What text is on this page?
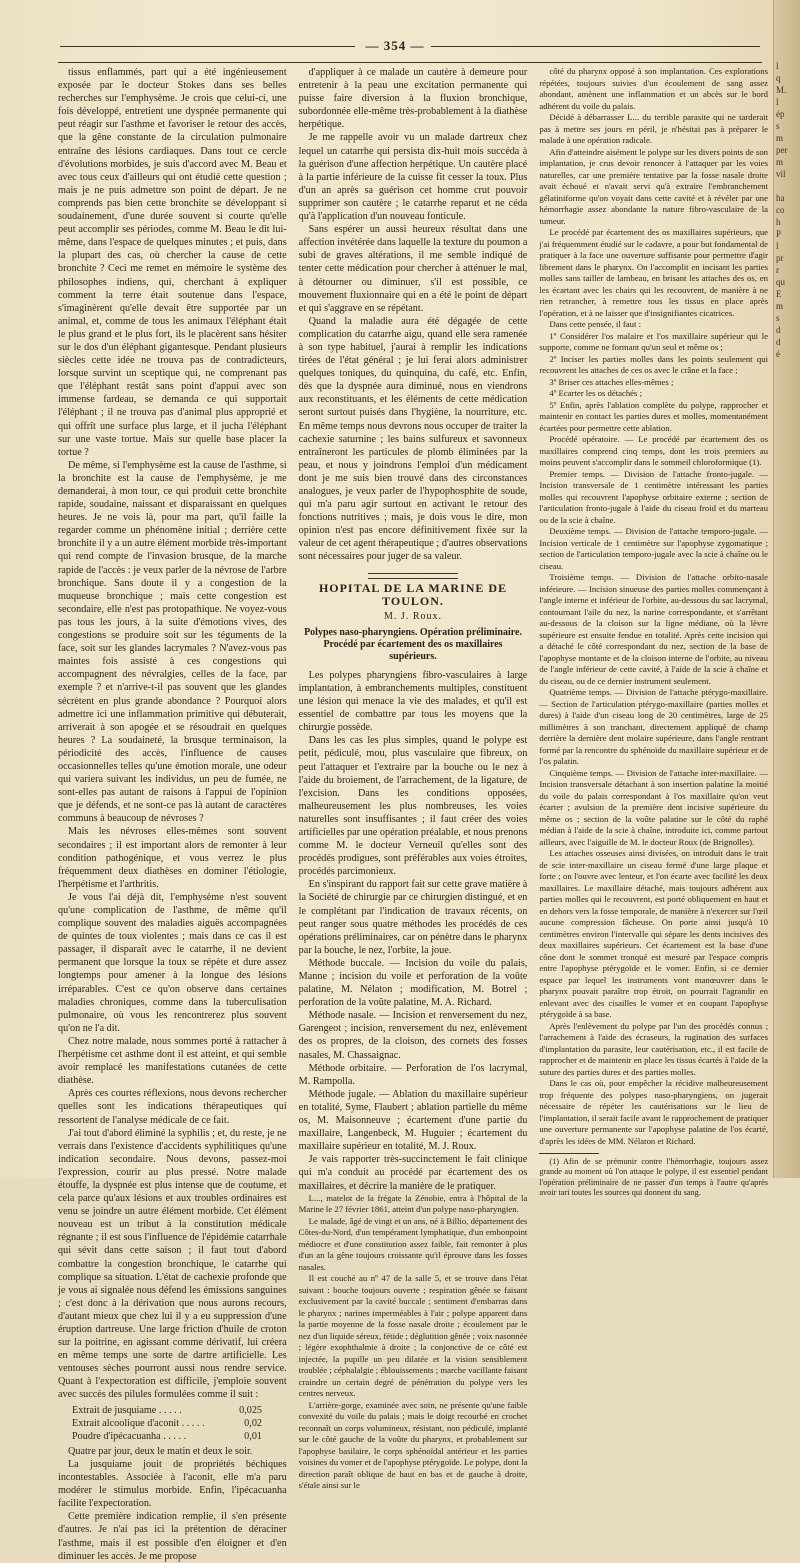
— 354 —

tissus enflammés, part qui a été ingénieusement exposée par le docteur Stokes dans ses belles recherches sur l'emphysème. Je crois que celui-ci, une fois développé, entretient une dyspnée permanente qui peut réagir sur l'asthme et favoriser le retour des accès, que la gêne constante de la circulation pulmonaire entraîne des lésions cardiaques. Dans tout ce cercle d'évolutions morbides, je suis d'accord avec M. Beau et avec tous ceux d'ailleurs qui ont étudié cette question ; mais je ne puis admettre son point de départ. Je ne comprends pas bien cette bronchite se développant si soudainement, d'une durée souvent si courte qu'elle peut accomplir ses périodes, comme M. Beau le dit lui-même, dans l'espace de quelques minutes ; et puis, dans la plupart des cas, où chercher la cause de cette bronchite ? Ceci me remet en mémoire le système des philosophes indiens, qui, cherchant à expliquer comment la terre était soutenue dans l'espace, s'imaginèrent qu'elle devait être supportée par un animal, et, comme de tous les animaux l'éléphant était le plus grand et le plus fort, ils le placèrent sans hésiter sur le dos d'un éléphant gigantesque. Pendant plusieurs siècles cette idée ne trouva pas de contradicteurs, lorsque survint un sceptique qui, ne comprenant pas que l'éléphant restât sans point d'appui avec son immense fardeau, se demanda ce qui supportait l'éléphant ; il ne trouva pas d'animal plus approprié et qui offrît une surface plus large, et il jucha l'éléphant sur une vaste tortue. Mais sur quelle base placer la tortue ?

De même, si l'emphysème est la cause de l'asthme, si la bronchite est la cause de l'emphysème, je me demanderai, à mon tour, ce qui produit cette bronchite rapide, soudaine, naissant et disparaissant en quelques heures. Je ne vois là, pour ma part, qu'il faille la regarder comme un phénomène initial ; derrière cette bronchite il y a un autre élément morbide très-important qui rend compte de l'invasion brusque, de la marche rapide de l'accès : je veux parler de la névrose de l'arbre bronchique. Sans doute il y a congestion de la muqueuse bronchique ; mais cette congestion est secondaire, elle n'est pas protopathique. Ne voyez-vous pas tous les jours, à la suite d'émotions vives, des congestions se produire soit sur les téguments de la face, soit sur les glandes lacrymales ? N'avez-vous pas maintes fois assisté à ces congestions qui accompagnent des névralgies, celles de la face, par exemple ? et n'arrive-t-il pas souvent que les glandes sécrètent en plus grande abondance ? Pourquoi alors admettre ici une inflammation primitive qui débuterait, arriverait à son apogée et se résoudrait en quelques heures ? La soudaineté, la brusque terminaison, la périodicité des accès, l'influence de causes occasionnelles telles qu'une émotion morale, une odeur qui variera suivant les individus, un peu de fumée, ne sont-elles pas autant de raisons à l'appui de l'opinion que je défends, et ne sont-ce pas là autant de caractères communs à beaucoup de névroses ?

Mais les névroses elles-mêmes sont souvent secondaires ; il est important alors de remonter à leur condition pathogénique, et vous verrez le plus fréquemment deux diathèses en dominer l'étiologie, l'herpétisme et l'arthritis.

Je vous l'ai déjà dit, l'emphysème n'est souvent qu'une complication de l'asthme, de même qu'il complique souvent des maladies aiguës accompagnées de quintes de toux violentes ; mais dans ce cas il est passager, il disparaît avec le catarrhe, il ne devient permanent que lorsque la toux se répète et dure assez longtemps pour amener à la longue des lésions irréparables. C'est ce qu'on observe dans certaines maladies chroniques, comme dans la tuberculisation pulmonaire, où vous les rencontrerez plus souvent qu'on ne l'a dit.

Chez notre malade, nous sommes porté à rattacher à l'herpétisme cet asthme dont il est atteint, et qui semble avoir remplacé les manifestations cutanées de cette diathèse.

Après ces courtes réflexions, nous devons rechercher quelles sont les indications thérapeutiques qui ressortent de l'analyse médicale de ce fait.

J'ai tout d'abord éliminé la syphilis ; et, du reste, je ne verrais dans l'existence d'accidents syphilitiques qu'une indication secondaire. Nous devons, passez-moi l'expression, courir au plus pressé. Notre malade étouffe, la dyspnée est plus intense que de coutume, et cela parce qu'aux lésions et aux troubles ordinaires est venu se joindre un autre élément morbide. Cet élément nouveau est un tribut à la constitution médicale régnante ; il est sous l'influence de l'épidémie catarrhale qui sévit dans cette saison ; il faut tout d'abord combattre la congestion bronchique, le catarrhe qui complique sa situation. L'état de cachexie profonde que je vous ai signalée nous défend les émissions sanguines ; c'est donc à la dérivation que nous aurons recours, d'autant mieux que chez lui il y a eu suppression d'une éruption dartreuse. Une large friction d'huile de croton sur la poitrine, en agissant comme dérivatif, lui créera en même temps une sorte de dartre artificielle. Les ventouses sèches pourront aussi nous rendre service. Quant à l'expectoration est difficile, j'emploie souvent avec succès des pilules formulées comme il suit :

Extrait de jusquiame . . . . .	0,025
Extrait alcoolique d'aconit . . . . .	0,02
Poudre d'ipécacuanha . . . . .	0,01

Quatre par jour, deux le matin et deux le soir.

La jusquiame jouit de propriétés béchiques incontestables. Associée à l'aconit, elle m'a paru modérer le stimulus morbide. Enfin, l'ipécacuanha facilite l'expectoration.

Cette première indication remplie, il s'en présente d'autres. Je n'ai pas ici la prétention de déraciner l'asthme, mais il est possible d'en éloigner et d'en diminuer les accès. Je me propose

d'appliquer à ce malade un cautère à demeure pour entretenir à la peau une excitation permanente qui puisse faire diversion à la fluxion bronchique, subordonnée elle-même très-probablement à la diathèse herpétique.

Je me rappelle avoir vu un malade dartreux chez lequel un catarrhe qui persista dix-huit mois succéda à la guérison d'une affection herpétique. Un cautère placé à la partie inférieure de la cuisse fit cesser la toux. Plus d'un an après sa guérison cet homme crut pouvoir supprimer son cautère ; le catarrhe reparut et ne céda qu'à l'application d'un nouveau fonticule.

Sans espérer un aussi heureux résultat dans une affection invétérée dans laquelle la texture du poumon a subi de graves altérations, il me semble indiqué de tenter cette médication pour chercher à atténuer le mal, à détourner ou diminuer, s'il est possible, ce mouvement fluxionnaire qui en a été le point de départ et qui s'aggrave en se répétant.

Quand la maladie aura été dégagée de cette complication du catarrhe aigu, quand elle sera ramenée à son type habituel, j'aurai à remplir les indications tirées de l'état général ; je lui ferai alors administrer quelques toniques, du quinquina, du café, etc. Enfin, dès que la dyspnée aura diminué, nous en viendrons aux reconstituants, et les éléments de cette médication seront surtout puisés dans l'hygiène, la nourriture, etc. En même temps nous devrons nous occuper de traiter la cachexie saturnine ; les bains sulfureux et savonneux entraîneront les particules de plomb éliminées par la peau, et nous y joindrons l'emploi d'un médicament dont je me suis bien trouvé dans des circonstances analogues, je veux parler de l'hypophosphite de soude, qui m'a paru agir surtout en activant le retour des fonctions nutritives ; mais, je dois vous le dire, mon opinion n'est pas encore définitivement fixée sur la valeur de cet agent thérapeutique ; d'autres observations sont nécessaires pour juger de sa valeur.

HOPITAL DE LA MARINE DE TOULON.
M. J. Roux.
Polypes naso-pharyngiens. Opération préliminaire. Procédé par écartement des os maxillaires supérieurs.

Les polypes pharyngiens fibro-vasculaires à large implantation, à embranchements multiples, constituent une lésion qui menace la vie des malades, et qu'il est essentiel de combattre par tous les moyens que la chirurgie possède.

Dans les cas les plus simples, quand le polype est petit, pédiculé, mou, plus vasculaire que fibreux, on peut l'attaquer et l'extraire par la bouche ou le nez à l'aide du broiement, de l'arrachement, de la ligature, de l'excision. Dans les conditions opposées, malheureusement les plus nombreuses, les voies naturelles sont insuffisantes ; il faut créer des voies artificielles par une opération préalable, et nous prenons comme M. le docteur Verneuil qu'elles sont des procédés prodigues, sont préférables aux voies étroites, procédés parcimonieux.

En s'inspirant du rapport fait sur cette grave matière à la Société de chirurgie par ce chirurgien distingué, et en le complétant par l'indication de travaux récents, on peut ranger sous quatre méthodes les procédés de ces opérations préliminaires, car on pénètre dans le pharynx par la bouche, le nez, l'orbite, la joue.

Méthode buccale. — Incision du voile du palais, Manne ; incision du voile et perforation de la voûte palatine, M. Nélaton ; modification, M. Botrel ; perforation de la voûte palatine, M. A. Richard.

Méthode nasale. — Incision et renversement du nez, Garengeot ; incision, renversement du nez, enlèvement des os propres, de la cloison, des cornets des fosses nasales, M. Chassaignac.

Méthode orbitaire. — Perforation de l'os lacrymal, M. Rampolla.

Méthode jugale. — Ablation du maxillaire supérieur en totalité, Syme, Flaubert ; ablation partielle du même os, M. Maisonneuve ; écartement d'une partie du maxillaire, Langenbeck, M. Huguier ; écartement du maxillaire supérieur en totalité, M. J. Roux.

Je vais rapporter très-succinctement le fait clinique qui m'a conduit au procédé par écartement des os maxillaires, et décrire la manière de le pratiquer.

L..., matelot de la frégate la Zénobie, entra à l'hôpital de la Marine le 27 février 1861, atteint d'un polype naso-pharyngien.

Le malade, âgé de vingt et un ans, né à Billio, département des Côtes-du-Nord, d'un tempérament lymphatique, d'un embonpoint médiocre et d'une constitution assez faible, fait remonter à plus d'un an la gêne toujours croissante qu'il éprouve dans les fosses nasales.

Il est couché au nº 47 de la salle 5, et se trouve dans l'état suivant : bouche toujours ouverte ; respiration gênée se faisant exclusivement par la cavité buccale ; sentiment d'embarras dans le pharynx ; narines imperméables à l'air ; polype apparent dans la partie moyenne de la fosse nasale droite ; écoulement par le nez d'un liquide séreux, fétide ; déglutition gênée ; voix nasonnée ; légère exophthalmie à droite ; la conjonctive de ce côté est injectée, la pupille un peu dilatée et la vision sensiblement troublée ; céphalalgie ; éblouissements ; marche vacillante faisant craindre un certain degré de pénétration du polype vers les centres nerveux.

L'arrière-gorge, examinée avec soin, ne présente qu'une faible convexité du voile du palais ; mais le doigt recourbé en crochet reconnaît un corps volumineux, résistant, non pédiculé, implanté sur le côté gauche de la voûte du pharynx, et probablement sur l'apophyse basilaire, le corps sphénoïdal antérieur et les parties voisines du vomer et de l'apophyse ptérygoïde. Le polype, dont la direction paraît oblique de haut en bas et de gauche à droite, s'étale ainsi sur le

côté du pharynx opposé à son implantation. Ces explorations répétées, toujours suivies d'un écoulement de sang assez abondant, amènent une inflammation et un abcès sur le bord adhérent du voile du palais.

Décidé à débarrasser L... du terrible parasite qui ne tarderait pas à mettre ses jours en péril, je n'hésitai pas à préparer le malade à une opération radicale.

Afin d'atteindre aisément le polype sur les divers points de son implantation, je crus devoir renoncer à l'attaquer par les voies naturelles, car une première tentative par la fosse nasale droite avait échoué et n'avait servi qu'à extraire l'embranchement gélatiniforme qu'on voyait dans cette cavité et à révéler par une hémorrhagie assez abondante la nature fibro-vasculaire de la tumeur.

Le procédé par écartement des os maxillaires supérieurs, que j'ai fréquemment étudié sur le cadavre, a pour but fondamental de pratiquer à la face une ouverture suffisante pour permettre d'agir librement dans le pharynx. On l'accomplit en incisant les parties molles sans tailler de lambeau, en brisant les attaches des os, en les écartant avec les chairs qui les recouvrent, de manière à ne rien retrancher, à remettre tous les tissus en place après l'opération, et à ne laisser que d'insignifiantes cicatrices.

Dans cette pensée, il faut :

1º Considérer l'os malaire et l'os maxillaire supérieur qui le supporte, comme ne formant qu'un seul et même os ;

2º Inciser les parties molles dans les points seulement qui recouvrent les attaches de ces os avec le crâne et la face ;

3º Briser ces attaches elles-mêmes ;

4º Ecarter les os détachés ;

5º Enfin, après l'ablation complète du polype, rapprocher et maintenir en contact les parties dures et molles, momentanément écartées pour permettre cette ablation.

Procédé opératoire. — Le procédé par écartement des os maxillaires comprend cinq temps, dont les trois premiers au moins peuvent s'accomplir dans le sommeil chloroformique (1).

Premier temps. — Division de l'attache fronto-jugale. — Incision transversale de 1 centimètre intéressant les parties molles qui recouvrent l'apophyse orbitaire externe ; section de l'articulation fronto-jugale à l'aide du ciseau froid et du marteau ou de la scie à chaîne.

Deuxième temps. — Division de l'attache temporo-jugale. — Incision verticale de 1 centimètre sur l'apophyse zygomatique ; section de l'articulation temporo-jugale avec la scie à chaîne ou le ciseau.

Troisième temps. — Division de l'attache orbito-nasale inférieure. — Incision sinueuse des parties molles commençant à l'angle interne et inférieur de l'orbite, au-dessous du sac lacrymal, contournant l'aile du nez, la narine correspondante, et s'arrêtant au-dessous de la cloison sur la ligne médiane, où la lèvre supérieure est ensuite fendue en totalité. Après cette incision qui a détaché le côté correspondant du nez, section de la base de l'apophyse montante et de la cloison interne de l'orbite, au niveau de l'angle inférieur de cette cavité, à l'aide de la scie à chaîne et du ciseau, ou de ce dernier instrument seulement.

Quatrième temps. — Division de l'attache ptérygo-maxillaire. — Section de l'articulation ptérygo-maxillaire (parties molles et dures) à l'aide d'un ciseau long de 20 centimètres, large de 25 millimètres à son tranchant, directement appliqué de champ derrière la dernière dent molaire supérieure, dans l'angle rentrant formé par la rencontre du sphénoïde du maxillaire supérieur et de l'os palatin.

Cinquième temps. — Division de l'attache inter-maxillaire. — Incision transversale détachant à son insertion palatine la moitié du voile du palais correspondant à l'os maxillaire qu'on veut écarter ; avulsion de la première dent incisive supérieure du même os ; section de la voûte palatine sur le côté du raphé médian à l'aide de la scie à chaîne, introduite ici, comme partout ailleurs, avec l'aiguille de M. le docteur Roux (de Brignolles).

Les attaches osseuses ainsi divisées, on introduit dans le trait de scie inter-maxillaire un ciseau fermé d'une large plaque et forte ; on l'ouvre avec lenteur, et l'on écarte avec facilité les deux maxillaires. Le maxillaire détaché, mais toujours adhérent aux parties molles qui le recouvrent, est porté obliquement en haut et en dehors vers la fosse temporale, de manière à n'exercer sur l'œil aucune compression fâcheuse. On porte ainsi jusqu'à 10 centimètres environ l'intervalle qui sépare les dents incisives des deux maxillaires supérieurs. Cet écartement est la base d'une cône dont le sommet tronqué est mesuré par l'espace compris entre l'apophyse ptérygoïde et le vomer. Enfin, si ce dernier espace par lequel les instruments vont manœuvrer dans le pharynx pouvait paraître trop étroit, on pourrait l'agrandir en enlevant avec des cisailles le vomer et en coupant l'apophyse ptérygoïde à sa base.

Après l'enlèvement du polype par l'un des procédés connus ; l'arrachement à l'aide des écraseurs, la rugination des surfaces d'implantation du parasite, leur cautérisation, etc., il est facile de rapprocher et de maintenir en place les tissus écartés à l'aide de la suture des parties dures et des parties molles.

Dans le cas où, pour empêcher la récidive malheureusement trop fréquente des polypes naso-pharyngiens, on jugerait nécessaire de répéter les cautérisations sur le lieu de l'implantation, il serait facile avant le rapprochement de pratiquer une ouverture permanente sur l'apophyse palatine de l'os écarté, d'après les idées de MM. Nélaton et Richard.

(1) Afin de se prémunir contre l'hémorrhagie, toujours assez grande au moment où l'on attaque le polype, il est essentiel pendant l'opération préliminaire de ne passer d'un temps à l'autre qu'après avoir tari toutes les sources qui donnent du sang.

l
q
M.
l
ép
s
m
per
m
vil
ha
co
h
P
l
pr
r
qu
E
m
s
d
d
é
